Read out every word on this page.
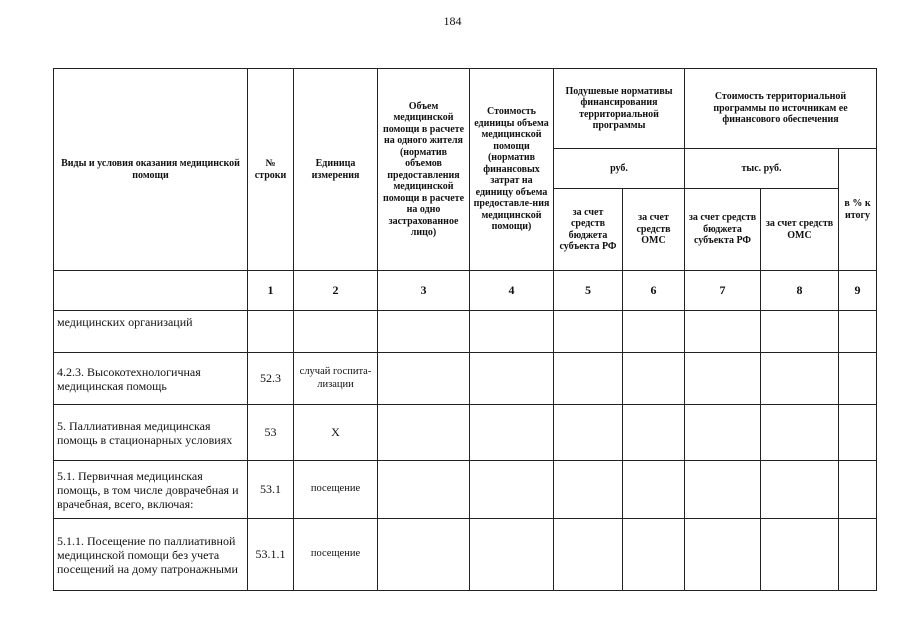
184
Виды и условия оказания медицинской помощи	№ строки	Единица измерения	Объем медицинской помощи в расчете на одного жителя (норматив объемов предоставления медицинской помощи в расчете на одно застрахованное лицо)	Стоимость единицы объема медицинской помощи (норматив финансовых затрат на единицу объема предоставле-ния медицинской помощи)	Подушевые нормативы финансирования территориальной программы		Стоимость территориальной программы по источникам ее финансового обеспечения		
					руб.		тыс. руб.		в % к итогу
					за счет средств бюджета субъекта РФ	за счет средств ОМС	за счет средств бюджета субъекта РФ	за счет средств ОМС	
	1	2	3	4	5	6	7	8	9
медицинских организаций									
4.2.3. Высокотехнологичная медицинская помощь	52.3	случай госпита-лизации							
5. Паллиативная медицинская помощь в стационарных условиях	53	Х							
5.1. Первичная медицинская помощь, в том числе доврачебная и врачебная, всего, включая:	53.1	посещение							
5.1.1. Посещение по паллиативной медицинской помощи без учета посещений на дому патронажными	53.1.1	посещение							
